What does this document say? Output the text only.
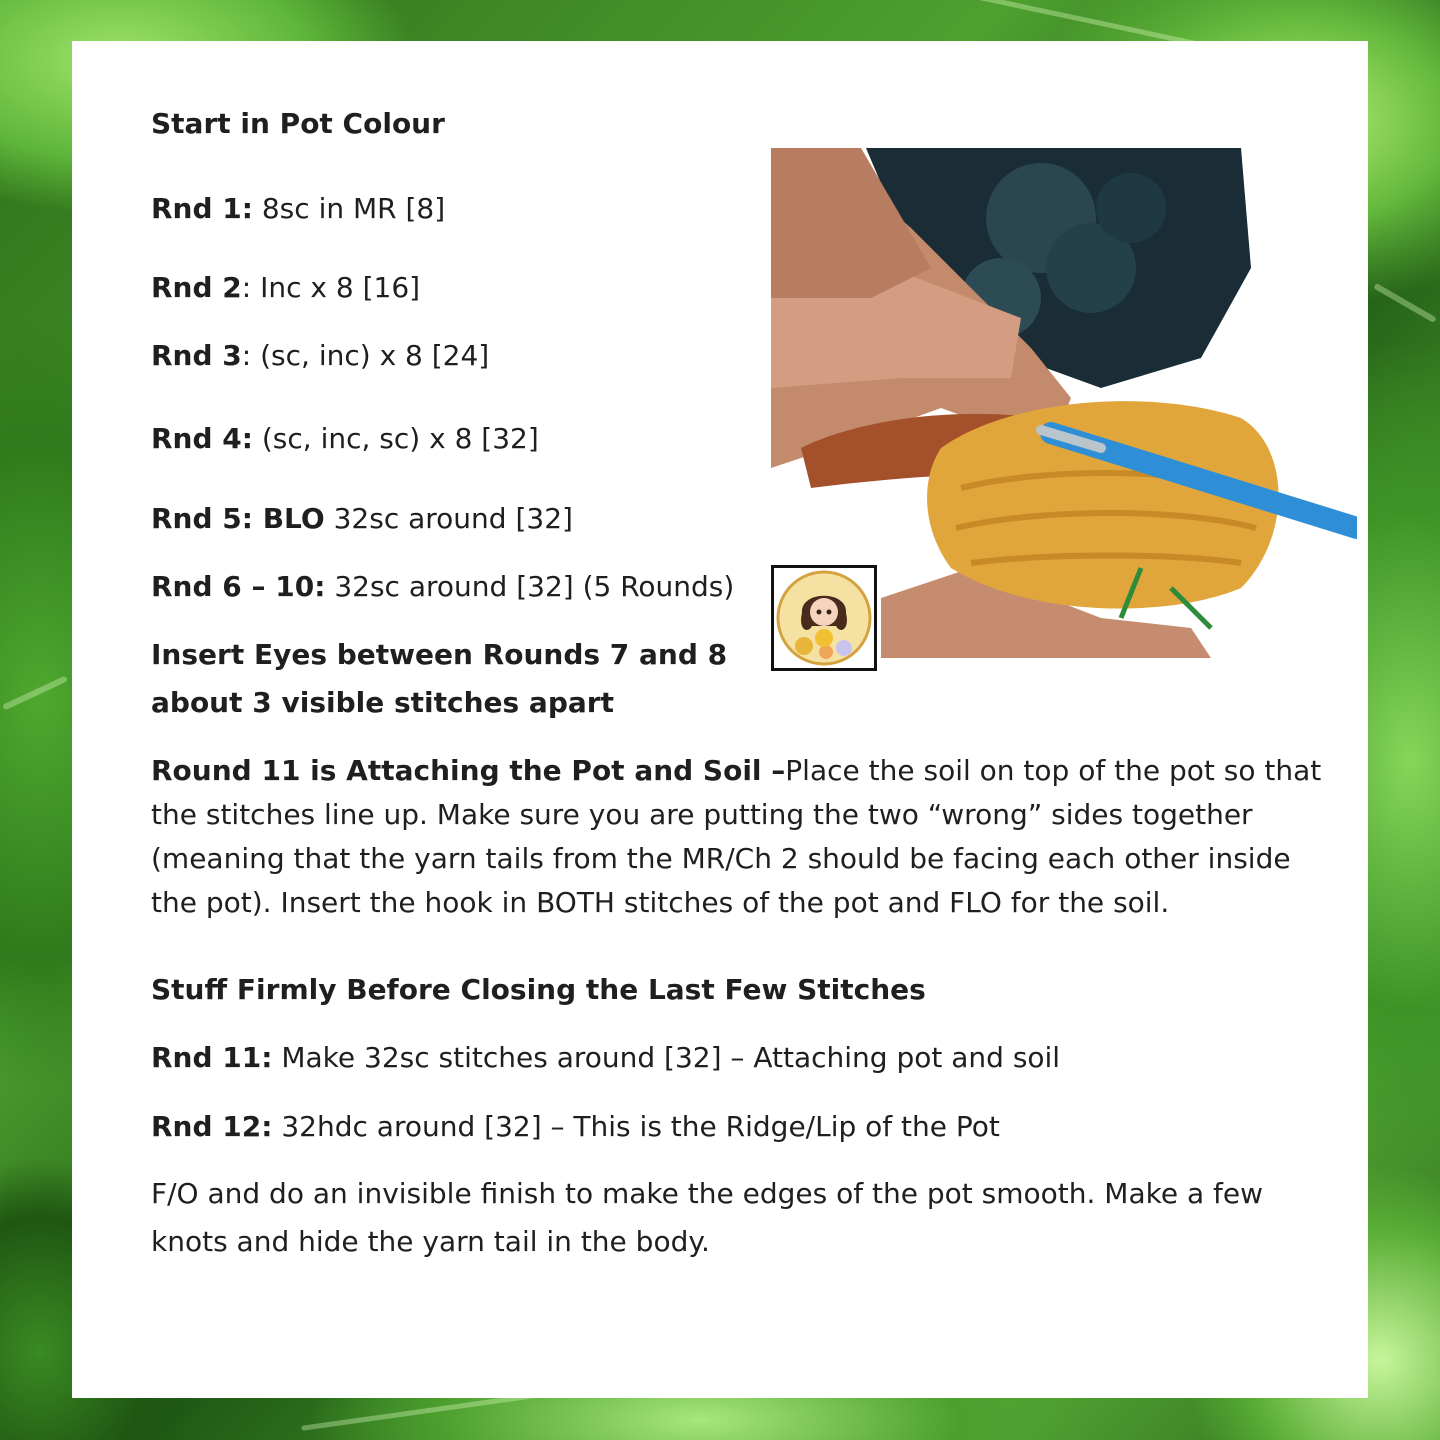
Start in Pot Colour
Rnd 1: 8sc in MR [8]
Rnd 2: Inc x 8 [16]
Rnd 3: (sc, inc) x 8 [24]
Rnd 4: (sc, inc, sc) x 8 [32]
Rnd 5: BLO 32sc around [32]
Rnd 6 – 10: 32sc around [32] (5 Rounds)
Insert Eyes between Rounds 7 and 8
about 3 visible stitches apart
Round 11 is Attaching the Pot and Soil –Place the soil on top of the pot so that
the stitches line up. Make sure you are putting the two “wrong” sides together
(meaning that the yarn tails from the MR/Ch 2 should be facing each other inside
the pot). Insert the hook in BOTH stitches of the pot and FLO for the soil.
Stuff Firmly Before Closing the Last Few Stitches
Rnd 11: Make 32sc stitches around [32] – Attaching pot and soil
Rnd 12: 32hdc around [32] – This is the Ridge/Lip of the Pot
F/O and do an invisible finish to make the edges of the pot smooth. Make a few
knots and hide the yarn tail in the body.
